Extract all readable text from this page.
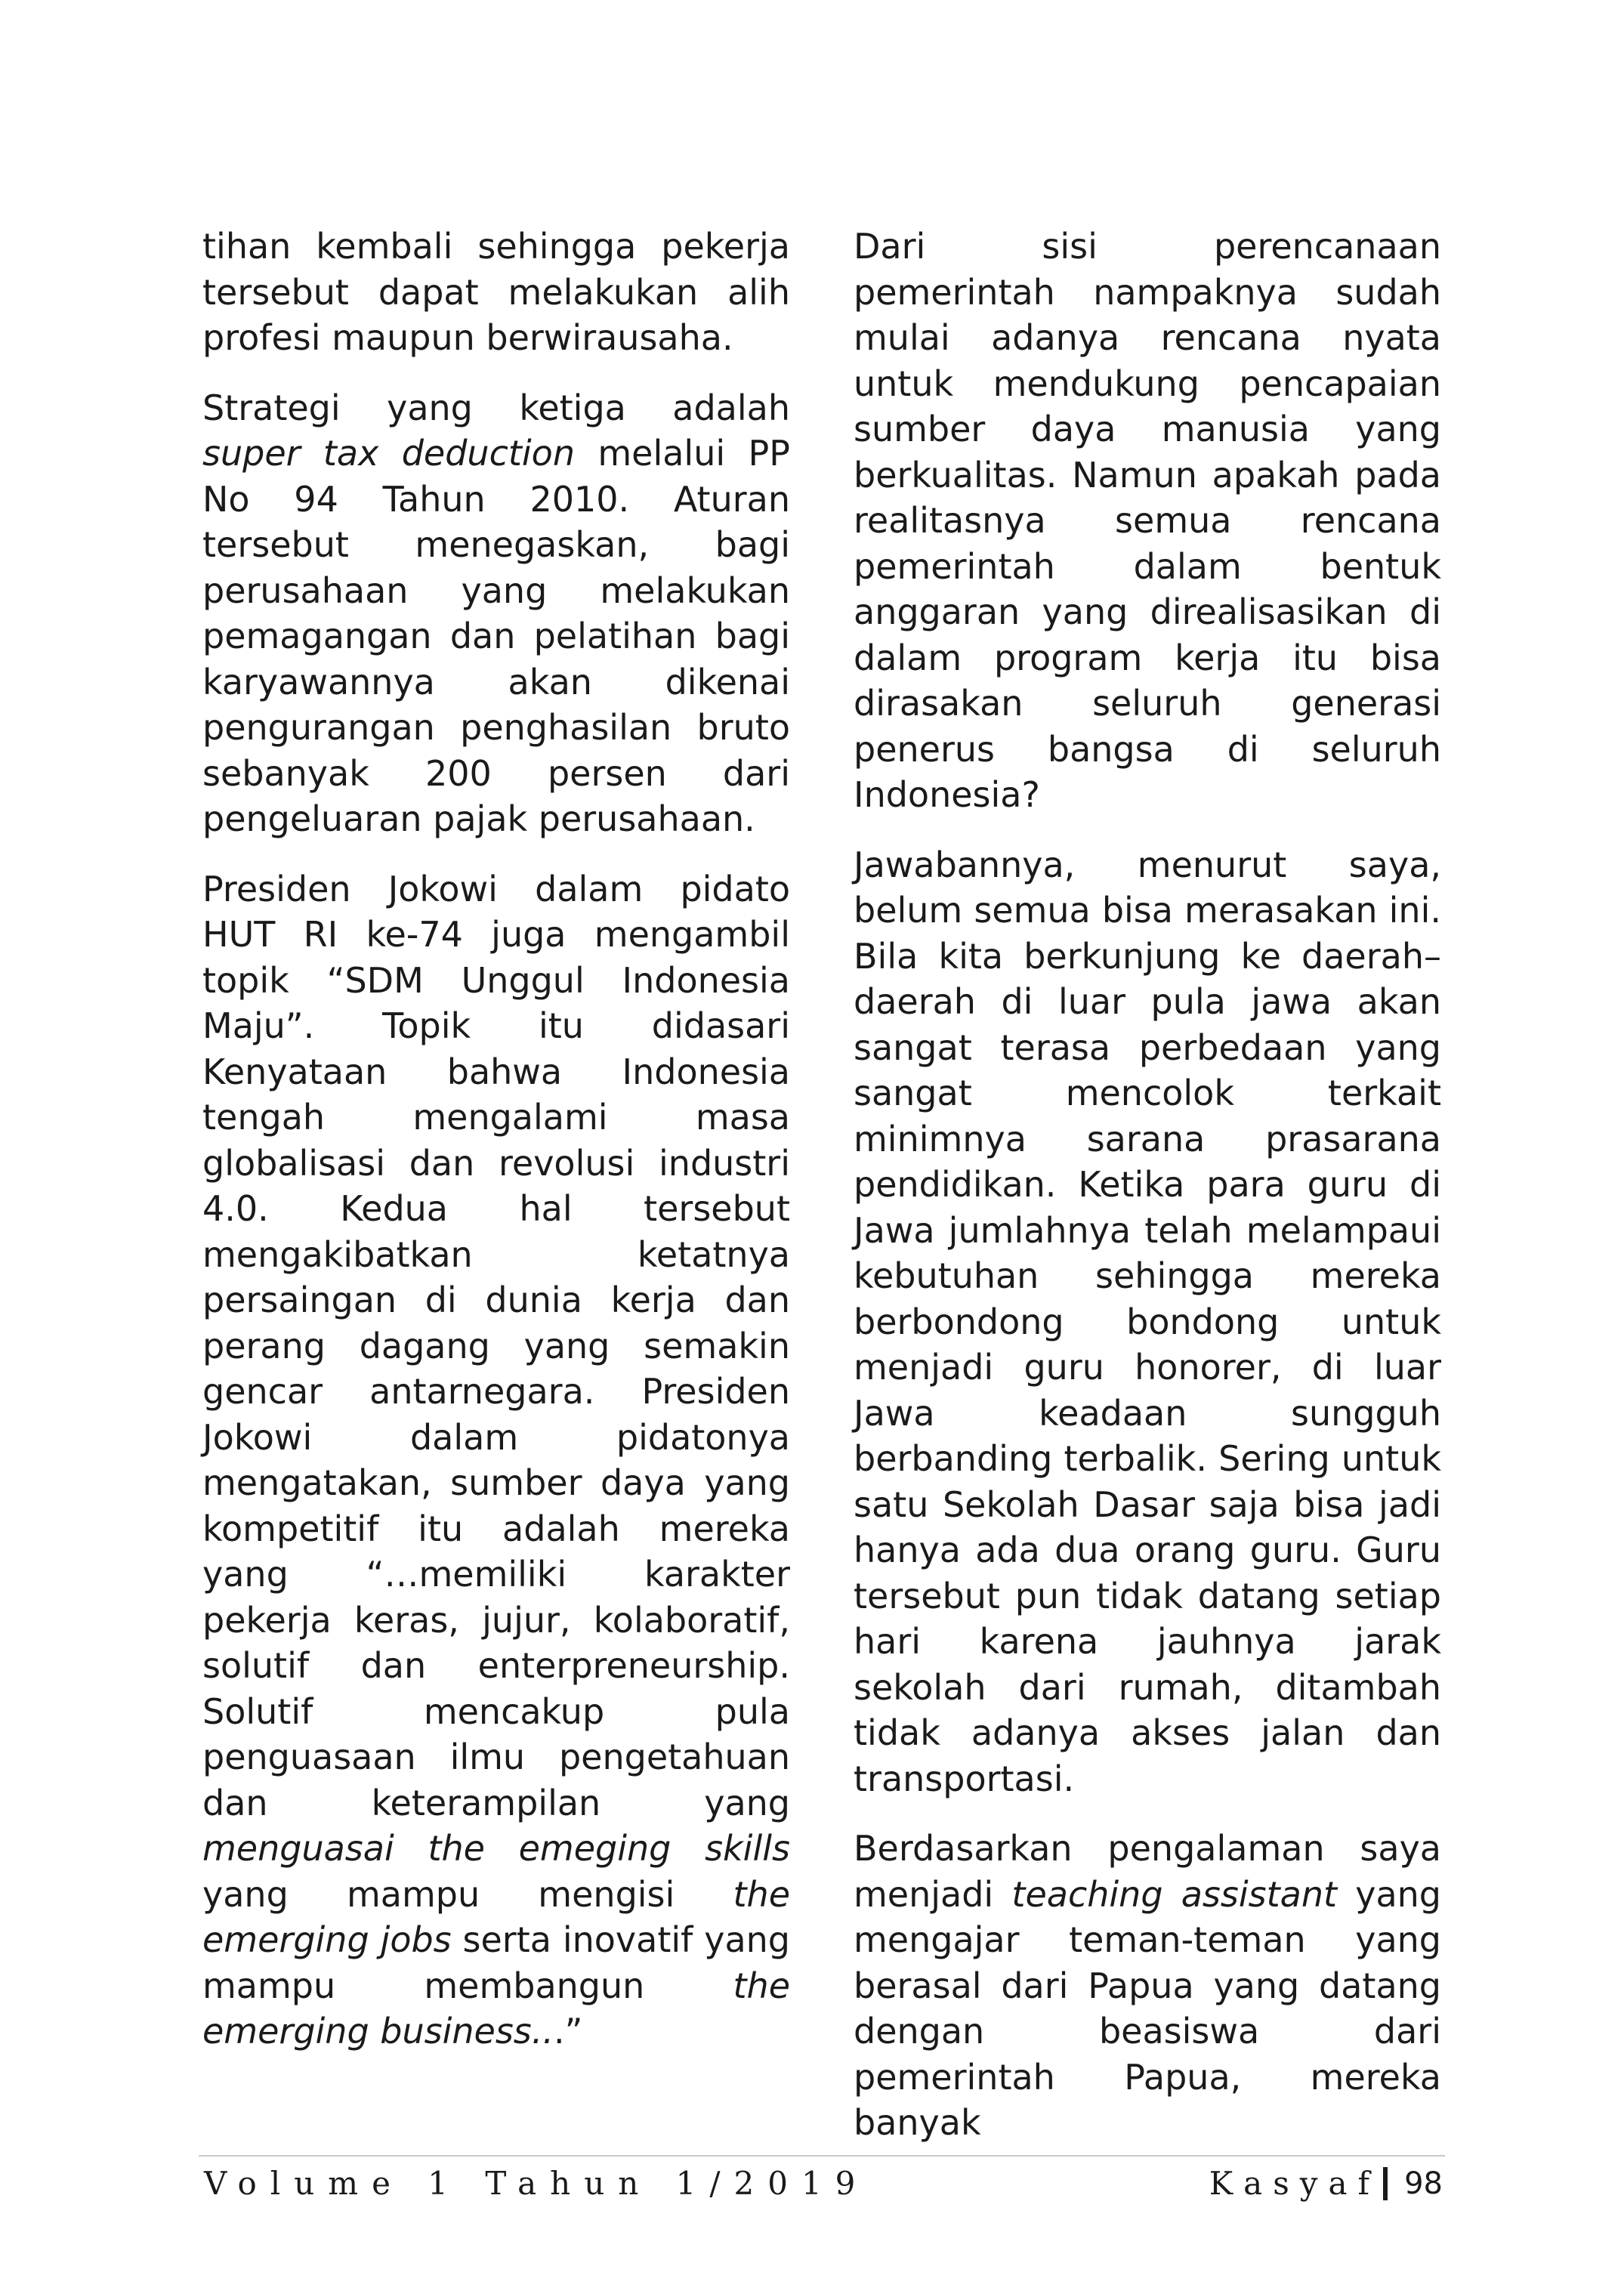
tihan kembali sehingga pekerja tersebut dapat melakukan alih profesi maupun berwirausaha.

Strategi yang ketiga adalah super tax deduction melalui PP No 94 Tahun 2010. Aturan tersebut menegaskan, bagi perusahaan yang melakukan pemagangan dan pelatihan bagi karyawannya akan dikenai pengurangan penghasilan bruto sebanyak 200 persen dari pengeluaran pajak perusahaan.

Presiden Jokowi dalam pidato HUT RI ke-74 juga mengambil topik “SDM Unggul Indonesia Maju”. Topik itu didasari Kenyataan bahwa Indonesia tengah mengalami masa globalisasi dan revolusi industri 4.0. Kedua hal tersebut mengakibatkan ketatnya persaingan di dunia kerja dan perang dagang yang semakin gencar antarnegara. Presiden Jokowi dalam pidatonya mengatakan, sumber daya yang kompetitif itu adalah mereka yang “…memiliki karakter pekerja keras, jujur, kolaboratif, solutif dan enterpreneurship. Solutif mencakup pula penguasaan ilmu pengetahuan dan keterampilan yang menguasai the emeging skills yang mampu mengisi the emerging jobs serta inovatif yang mampu membangun the emerging business...”

Dari sisi perencanaan pemerintah nampaknya sudah mulai adanya rencana nyata untuk mendukung pencapaian sumber daya manusia yang berkualitas. Namun apakah pada realitasnya semua rencana pemerintah dalam bentuk anggaran yang direalisasikan di dalam program kerja itu bisa dirasakan seluruh generasi penerus bangsa di seluruh Indonesia?

Jawabannya, menurut saya, belum semua bisa merasakan ini. Bila kita berkunjung ke daerah–daerah di luar pula jawa akan sangat terasa perbedaan yang sangat mencolok terkait minimnya sarana prasarana pendidikan. Ketika para guru di Jawa jumlahnya telah melampaui kebutuhan sehingga mereka berbondong bondong untuk menjadi guru honorer, di luar Jawa keadaan sungguh berbanding terbalik. Sering untuk satu Sekolah Dasar saja bisa jadi hanya ada dua orang guru. Guru tersebut pun tidak datang setiap hari karena jauhnya jarak sekolah dari rumah, ditambah tidak adanya akses jalan dan transportasi.

Berdasarkan pengalaman saya menjadi teaching assistant yang mengajar teman-teman yang berasal dari Papua yang datang dengan beasiswa dari pemerintah Papua, mereka banyak

Volume 1 Tahun 1/2019	Kasyaf 98
